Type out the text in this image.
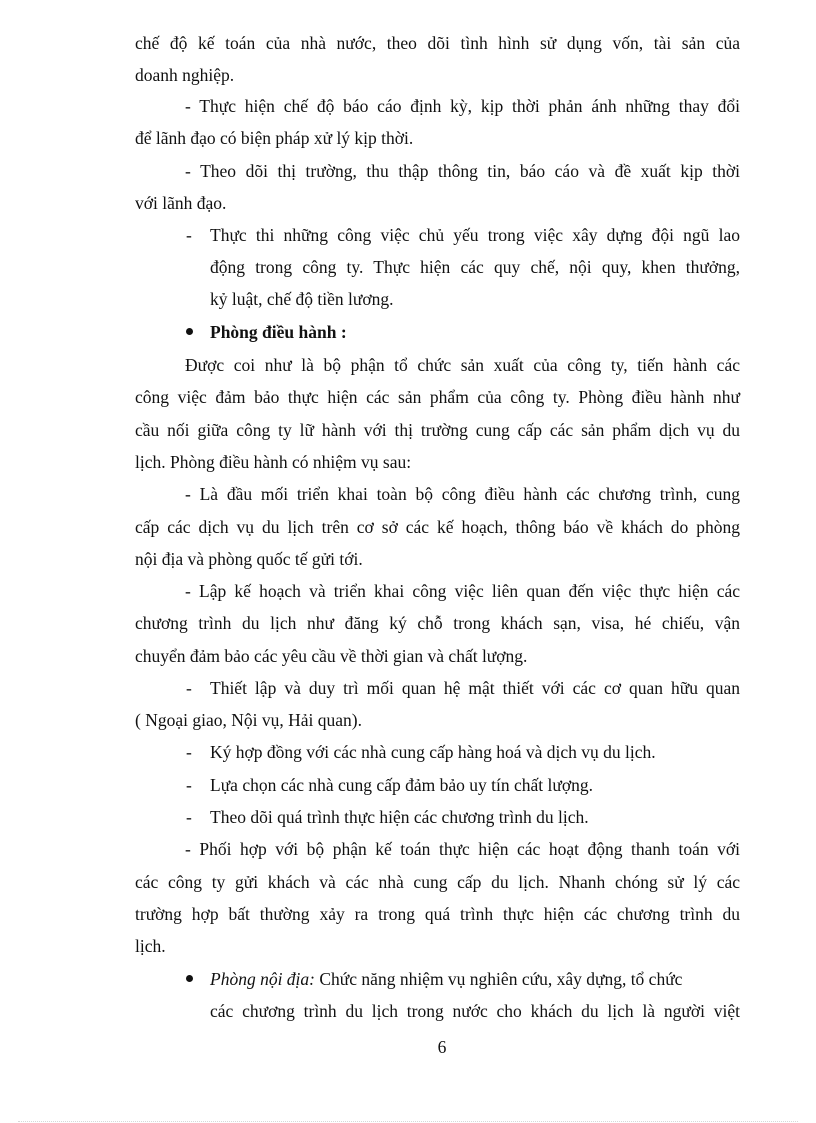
chế độ kế toán của nhà nước, theo dõi tình hình sử dụng vốn, tài sản của
doanh nghiệp.
- Thực hiện chế độ báo cáo định kỳ, kịp thời phản ánh những thay đổi
để lãnh đạo có biện pháp xử lý kịp thời.
- Theo dõi thị trường, thu thập thông tin, báo cáo và đề xuất kịp thời
với lãnh đạo.
- Thực thi những công việc chủ yếu trong việc xây dựng đội ngũ lao
động trong công ty. Thực hiện các quy chế, nội quy, khen thưởng,
kỷ luật, chế độ tiền lương.
Phòng điều hành :
Được coi như là bộ phận tổ chức sản xuất của công ty, tiến hành các
công việc đảm bảo thực hiện các sản phẩm của công ty. Phòng điều hành như
cầu nối giữa công ty lữ hành với thị trường cung cấp các sản phẩm dịch vụ du
lịch. Phòng điều hành có nhiệm vụ sau:
- Là đầu mối triển khai toàn bộ công điều hành các chương trình, cung
cấp các dịch vụ du lịch trên cơ sở các kế hoạch, thông báo về khách do phòng
nội địa và phòng quốc tế gửi tới.
- Lập kế hoạch và triển khai công việc liên quan đến việc thực hiện các
chương trình du lịch như đăng ký chỗ trong khách sạn, visa, hé chiếu, vận
chuyển đảm bảo các yêu cầu về thời gian và chất lượng.
- Thiết lập và duy trì mối quan hệ mật thiết với các cơ quan hữu quan
( Ngoại giao, Nội vụ, Hải quan).
- Ký hợp đồng với các nhà cung cấp hàng hoá và dịch vụ du lịch.
- Lựa chọn các nhà cung cấp đảm bảo uy tín chất lượng.
- Theo dõi quá trình thực hiện các chương trình du lịch.
- Phối hợp với bộ phận kế toán thực hiện các hoạt động thanh toán với
các công ty gửi khách và các nhà cung cấp du lịch. Nhanh chóng sử lý các
trường hợp bất thường xảy ra trong quá trình thực hiện các chương trình du
lịch.
Phòng nội địa: Chức năng nhiệm vụ nghiên cứu, xây dựng, tổ chức
các chương trình du lịch trong nước cho khách du lịch là người việt
6
